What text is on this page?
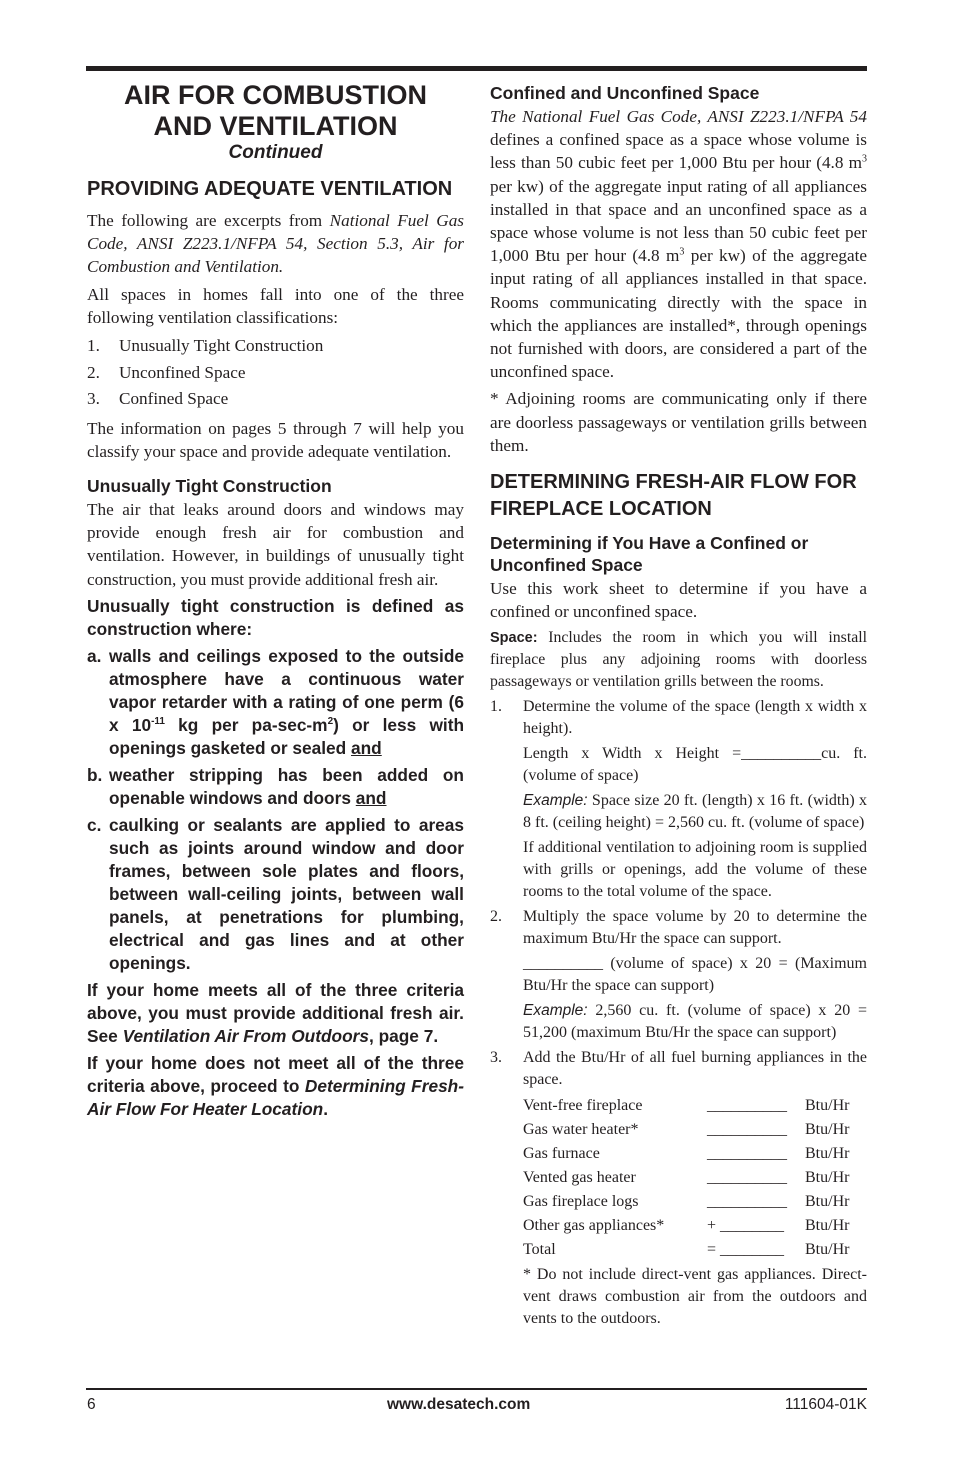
AIR FOR COMBUSTION
AND VENTILATION
Continued
PROVIDING ADEQUATE VENTILATION

The following are excerpts from National Fuel Gas Code, ANSI Z223.1/NFPA 54, Section 5.3, Air for Combustion and Ventilation.

All spaces in homes fall into one of the three following ventilation classifications:

1. Unusually Tight Construction
2. Unconfined Space
3. Confined Space

The information on pages 5 through 7 will help you classify your space and provide adequate ventilation.

Unusually Tight Construction

The air that leaks around doors and windows may provide enough fresh air for combustion and ventilation. However, in buildings of unusually tight construction, you must provide additional fresh air.

Unusually tight construction is defined as construction where:
a. walls and ceilings exposed to the outside atmosphere have a continuous water vapor retarder with a rating of one perm (6 x $10^{-11}$ kg per $pa-\sec-m^2$) or less with openings gasketed or sealed and
b. weather stripping has been added on openable windows and doors and
c. caulking or sealants are applied to areas such as joints around window and door frames, between sole plates and floors, between wall-ceiling joints, between wall panels, at penetrations for plumbing, electrical and gas lines and at other openings.
If your home meets all of the three criteria above, you must provide additional fresh air. See Ventilation Air From Outdoors, page 7.
If your home does not meet all of the three criteria above, proceed to Determining Fresh-Air Flow For Heater Location.
Confined and Unconfined Space

The National Fuel Gas Code, ANSI Z223.1/NFPA 54 defines a confined space as a space whose volume is less than 50 cubic feet per 1,000 Btu per hour (4.8 $m^3$ per kw) of the aggregate input rating of all appliances installed in that space and an unconfined space as a space whose volume is not less than 50 cubic feet per 1,000 Btu per hour (4.8 $m^3$ per kw) of the aggregate input rating of all appliances installed in that space. Rooms communicating directly with the space in which the appliances are installed*, through openings not furnished with doors, are considered a part of the unconfined space.

* Adjoining rooms are communicating only if there are doorless passageways or ventilation grills between them.

DETERMINING FRESH-AIR FLOW FOR FIREPLACE LOCATION
Determining if You Have a Confined or Unconfined Space

Use this work sheet to determine if you have a confined or unconfined space.

Space: Includes the room in which you will install fireplace plus any adjoining rooms with doorless passageways or ventilation grills between the rooms.

1. Determine the volume of the space (length x width x height).

Length x Width x Height =__________cu. ft. (volume of space)

Example: Space size 20 ft. (length) x 16 ft. (width) x 8 ft. (ceiling height) = 2,560 cu. ft. (volume of space)

If additional ventilation to adjoining room is supplied with grills or openings, add the volume of these rooms to the total volume of the space.

2. Multiply the space volume by 20 to determine the maximum Btu/Hr the space can support.

__________ (volume of space) x 20 = (Maximum Btu/Hr the space can support)

Example: 2,560 cu. ft. (volume of space) x 20 = 51,200 (maximum Btu/Hr the space can support)

3. Add the Btu/Hr of all fuel burning appliances in the space.

Vent-free fireplace	__________	Btu/Hr
Gas water heater*	__________	Btu/Hr
Gas furnace	__________	Btu/Hr
Vented gas heater	__________	Btu/Hr
Gas fireplace logs	__________	Btu/Hr
Other gas appliances*	+ ________	Btu/Hr
Total	= ________	Btu/Hr

* Do not include direct-vent gas appliances. Direct-vent draws combustion air from the outdoors and vents to the outdoors.

6	www.desatech.com	111604-01K
